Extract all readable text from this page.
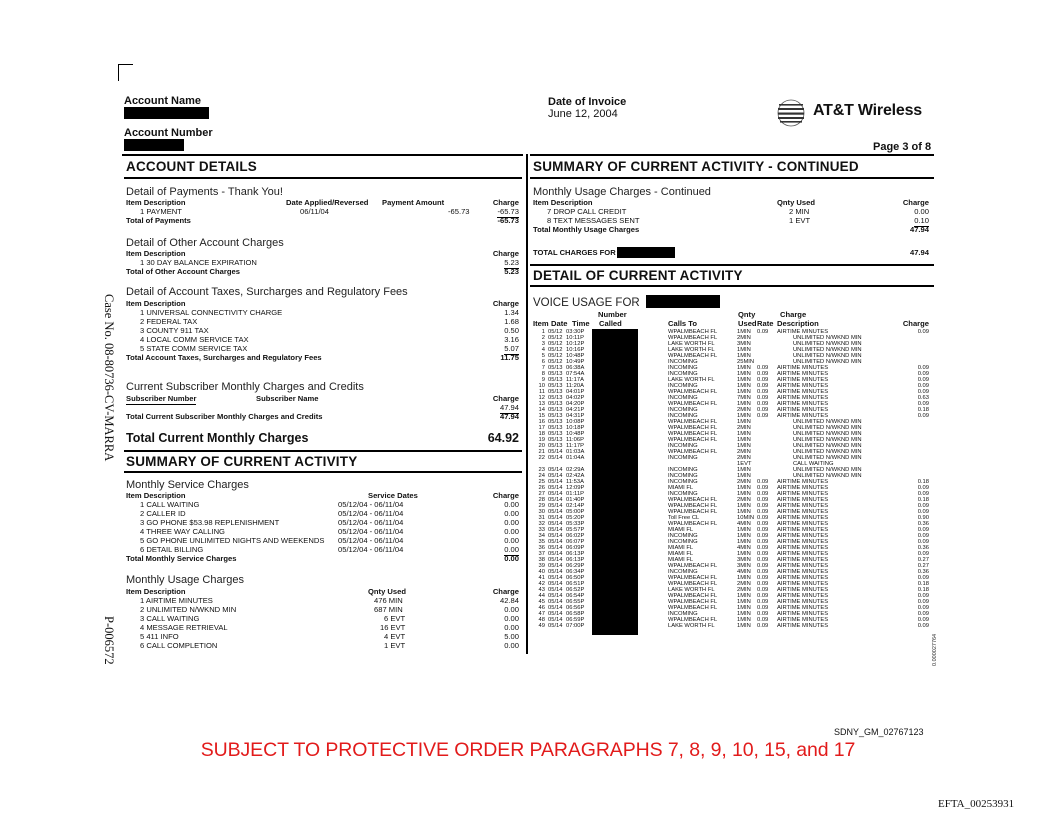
Account Name
Account Number
Date of Invoice
June 12, 2004	AT&T Wireless
Page 3 of 8
ACCOUNT DETAILS
Detail of Payments - Thank You!
Item Description	Date Applied/Reversed Payment Amount	Charge
1 PAYMENT	06/11/04	-65.73	-65.73
Total of Payments	-65.73
Detail of Other Account Charges
Item Description	Charge
1 30 DAY BALANCE EXPIRATION	5.23
Total of Other Account Charges	5.23
Detail of Account Taxes, Surcharges and Regulatory Fees
Item Description	Charge
1 UNIVERSAL CONNECTIVITY CHARGE	1.34
2 FEDERAL TAX	1.68
3 COUNTY 911 TAX	0.50
4 LOCAL COMM SERVICE TAX	3.16
5 STATE COMM SERVICE TAX	5.07
Total Account Taxes, Surcharges and Regulatory Fees	11.75
Current Subscriber Monthly Charges and Credits
Subscriber Number	Subscriber Name	Charge
47.94
Total Current Subscriber Monthly Charges and Credits	47.94
Total Current Monthly Charges	64.92
SUMMARY OF CURRENT ACTIVITY
Monthly Service Charges
Item Description	Service Dates	Charge
1 CALL WAITING	05/12/04 - 06/11/04	0.00
2 CALLER ID	05/12/04 - 06/11/04	0.00
3 GO PHONE $53.98 REPLENISHMENT	05/12/04 - 06/11/04	0.00
4 THREE WAY CALLING	05/12/04 - 06/11/04	0.00
5 GO PHONE UNLIMITED NIGHTS AND WEEKENDS 05/12/04 - 06/11/04	0.00
6 DETAIL BILLING	05/12/04 - 06/11/04	0.00
Total Monthly Service Charges	0.00
Monthly Usage Charges
Item Description	Qnty Used	Charge
1 AIRTIME MINUTES	476 MIN	42.84
2 UNLIMITED N/WKND MIN	687 MIN	0.00
3 CALL WAITING	6 EVT	0.00
4 MESSAGE RETRIEVAL	16 EVT	0.00
5 411 INFO	4 EVT	5.00
6 CALL COMPLETION	1 EVT	0.00
SUMMARY OF CURRENT ACTIVITY - CONTINUED
Monthly Usage Charges - Continued
Item Description	Qnty Used	Charge
7 DROP CALL CREDIT	2 MIN	0.00
8 TEXT MESSAGES SENT	1 EVT	0.10
Total Monthly Usage Charges	47.94
TOTAL CHARGES FOR	47.94
DETAIL OF CURRENT ACTIVITY
VOICE USAGE FOR
Number	Qnty	Charge
Item Date Time Called	Calls To	Used Rate Description	Charge
1 05/12 03:30P	WPALMBEACH FL	1MIN 0.09 AIRTIME MINUTES	0.09
2 05/12 10:11P	WPALMBEACH FL	2MIN	UNLIMITED N/WKND MIN
3 05/12 10:12P	LAKE WORTH FL	3MIN	UNLIMITED N/WKND MIN
4 05/12 10:16P	LAKE WORTH FL	1MIN	UNLIMITED N/WKND MIN
5 05/12 10:48P	WPALMBEACH FL	1MIN	UNLIMITED N/WKND MIN
6 05/12 10:49P	INCOMING	25MIN	UNLIMITED N/WKND MIN
7 05/13 06:38A	INCOMING	1MIN 0.09 AIRTIME MINUTES	0.09
8 05/13 07:54A	INCOMING	1MIN 0.09 AIRTIME MINUTES	0.09
9 05/13 11:17A	LAKE WORTH FL	1MIN 0.09 AIRTIME MINUTES	0.09
10 05/13 11:20A	INCOMING	1MIN 0.09 AIRTIME MINUTES	0.09
11 05/13 04:01P	WPALMBEACH FL	1MIN 0.09 AIRTIME MINUTES	0.09
12 05/13 04:02P	INCOMING	7MIN 0.09 AIRTIME MINUTES	0.63
13 05/13 04:20P	WPALMBEACH FL	1MIN 0.09 AIRTIME MINUTES	0.09
14 05/13 04:21P	INCOMING	2MIN 0.09 AIRTIME MINUTES	0.18
15 05/13 04:31P	INCOMING	1MIN 0.09 AIRTIME MINUTES	0.09
16 05/13 10:08P	WPALMBEACH FL	1MIN	UNLIMITED N/WKND MIN
17 05/13 10:18P	WPALMBEACH FL	2MIN	UNLIMITED N/WKND MIN
18 05/13 10:48P	WPALMBEACH FL	1MIN	UNLIMITED N/WKND MIN
19 05/13 11:06P	WPALMBEACH FL	1MIN	UNLIMITED N/WKND MIN
20 05/13 11:17P	INCOMING	1MIN	UNLIMITED N/WKND MIN
21 05/14 01:03A	WPALMBEACH FL	2MIN	UNLIMITED N/WKND MIN
22 05/14 01:04A	INCOMING	2MIN	UNLIMITED N/WKND MIN
1EVT	CALL WAITING
23 05/14 02:29A	INCOMING	1MIN	UNLIMITED N/WKND MIN
24 05/14 02:42A	INCOMING	1MIN	UNLIMITED N/WKND MIN
25 05/14 11:53A	INCOMING	2MIN 0.09 AIRTIME MINUTES	0.18
26 05/14 12:09P	MIAMI FL	1MIN 0.09 AIRTIME MINUTES	0.09
27 05/14 01:11P	INCOMING	1MIN 0.09 AIRTIME MINUTES	0.09
28 05/14 01:40P	WPALMBEACH FL	2MIN 0.09 AIRTIME MINUTES	0.18
29 05/14 02:14P	WPALMBEACH FL	1MIN 0.09 AIRTIME MINUTES	0.09
30 05/14 05:00P	WPALMBEACH FL	1MIN 0.09 AIRTIME MINUTES	0.09
31 05/14 05:20P	Toll Free CL	10MIN 0.09 AIRTIME MINUTES	0.90
32 05/14 05:33P	WPALMBEACH FL	4MIN 0.09 AIRTIME MINUTES	0.36
33 05/14 05:57P	MIAMI FL	1MIN 0.09 AIRTIME MINUTES	0.09
34 05/14 06:02P	INCOMING	1MIN 0.09 AIRTIME MINUTES	0.09
35 05/14 06:07P	INCOMING	1MIN 0.09 AIRTIME MINUTES	0.09
36 05/14 06:09P	MIAMI FL	4MIN 0.09 AIRTIME MINUTES	0.36
37 05/14 06:13P	MIAMI FL	1MIN 0.09 AIRTIME MINUTES	0.09
38 05/14 06:13P	MIAMI FL	3MIN 0.09 AIRTIME MINUTES	0.27
39 05/14 06:29P	WPALMBEACH FL	3MIN 0.09 AIRTIME MINUTES	0.27
40 05/14 06:34P	INCOMING	4MIN 0.09 AIRTIME MINUTES	0.36
41 05/14 06:50P	WPALMBEACH FL	1MIN 0.09 AIRTIME MINUTES	0.09
42 05/14 06:51P	WPALMBEACH FL	2MIN 0.09 AIRTIME MINUTES	0.18
43 05/14 06:52P	LAKE WORTH FL	2MIN 0.09 AIRTIME MINUTES	0.18
44 05/14 06:54P	WPALMBEACH FL	1MIN 0.09 AIRTIME MINUTES	0.09
45 05/14 06:55P	WPALMBEACH FL	1MIN 0.09 AIRTIME MINUTES	0.09
46 05/14 06:56P	WPALMBEACH FL	1MIN 0.09 AIRTIME MINUTES	0.09
47 05/14 06:58P	INCOMING	1MIN 0.09 AIRTIME MINUTES	0.09
48 05/14 06:59P	WPALMBEACH FL	1MIN 0.09 AIRTIME MINUTES	0.09
49 05/14 07:00P	LAKE WORTH FL	1MIN 0.09 AIRTIME MINUTES	0.09
Case No. 08-80736-CV-MARRA
P-006572	0.000027764
SDNY_GM_02767123
SUBJECT TO PROTECTIVE ORDER PARAGRAPHS 7, 8, 9, 10, 15, and 17
EFTA_00253931
